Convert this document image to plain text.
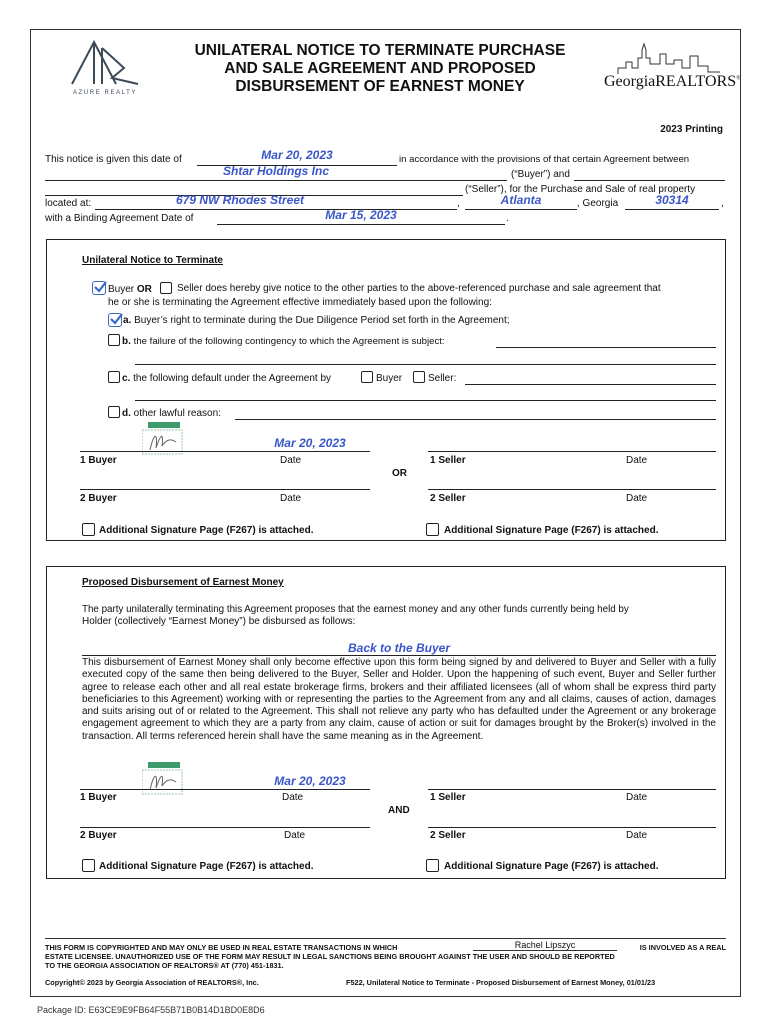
AZURE REALTY
UNILATERAL NOTICE TO TERMINATE PURCHASE
AND SALE AGREEMENT AND PROPOSED
DISBURSEMENT OF EARNEST MONEY	GeorgiaREALTORS®
2023 Printing
This notice is given this date of	Mar 20, 2023	in accordance with the provisions of that certain Agreement between
Shtar Holdings Inc	(“Buyer”) and
(“Seller”), for the Purchase and Sale of real property
located at:	679 NW Rhodes Street	,	Atlanta	, Georgia	30314	,
with a Binding Agreement Date of	Mar 15, 2023	.
Unilateral Notice to Terminate
Buyer OR	Seller does hereby give notice to the other parties to the above-referenced purchase and sale agreement that
he or she is terminating the Agreement effective immediately based upon the following:
a. Buyer’s right to terminate during the Due Diligence Period set forth in the Agreement;
b. the failure of the following contingency to which the Agreement is subject:
c. the following default under the Agreement by	Buyer	Seller:
d. other lawful reason:
Mar 20, 2023
1 Buyer	Date	1 Seller	Date
OR
2 Buyer	Date	2 Seller	Date
Additional Signature Page (F267) is attached.	Additional Signature Page (F267) is attached.
Proposed Disbursement of Earnest Money
The party unilaterally terminating this Agreement proposes that the earnest money and any other funds currently being held by
Holder (collectively “Earnest Money”) be disbursed as follows:
Back to the Buyer
This disbursement of Earnest Money shall only become effective upon this form being signed by and delivered to Buyer and Seller with a fully executed copy of the same then being delivered to the Buyer, Seller and Holder. Upon the happening of such event, Buyer and Seller further agree to release each other and all real estate brokerage firms, brokers and their affiliated licensees (all of whom shall be express third party beneficiaries to this Agreement) working with or representing the parties to the Agreement from any and all claims, causes of action, damages and suits arising out of or related to the Agreement. This shall not relieve any party who has defaulted under the Agreement or any brokerage engagement agreement to which they are a party from any claim, cause of action or suit for damages brought by the Broker(s) involved in the transaction. All terms referenced herein shall have the same meaning as in the Agreement.
Mar 20, 2023
1 Buyer	Date	1 Seller	Date
AND
2 Buyer	Date	2 Seller	Date
Additional Signature Page (F267) is attached.	Additional Signature Page (F267) is attached.
THIS FORM IS COPYRIGHTED AND MAY ONLY BE USED IN REAL ESTATE TRANSACTIONS IN WHICH	Rachel Lipszyc	IS INVOLVED AS A REAL
ESTATE LICENSEE. UNAUTHORIZED USE OF THE FORM MAY RESULT IN LEGAL SANCTIONS BEING BROUGHT AGAINST THE USER AND SHOULD BE REPORTED
TO THE GEORGIA ASSOCIATION OF REALTORS® AT (770) 451-1831.
Copyright© 2023 by Georgia Association of REALTORS®, Inc.	F522, Unilateral Notice to Terminate - Proposed Disbursement of Earnest Money, 01/01/23
Package ID: E63CE9E9FB64F55B71B0B14D1BD0E8D6
